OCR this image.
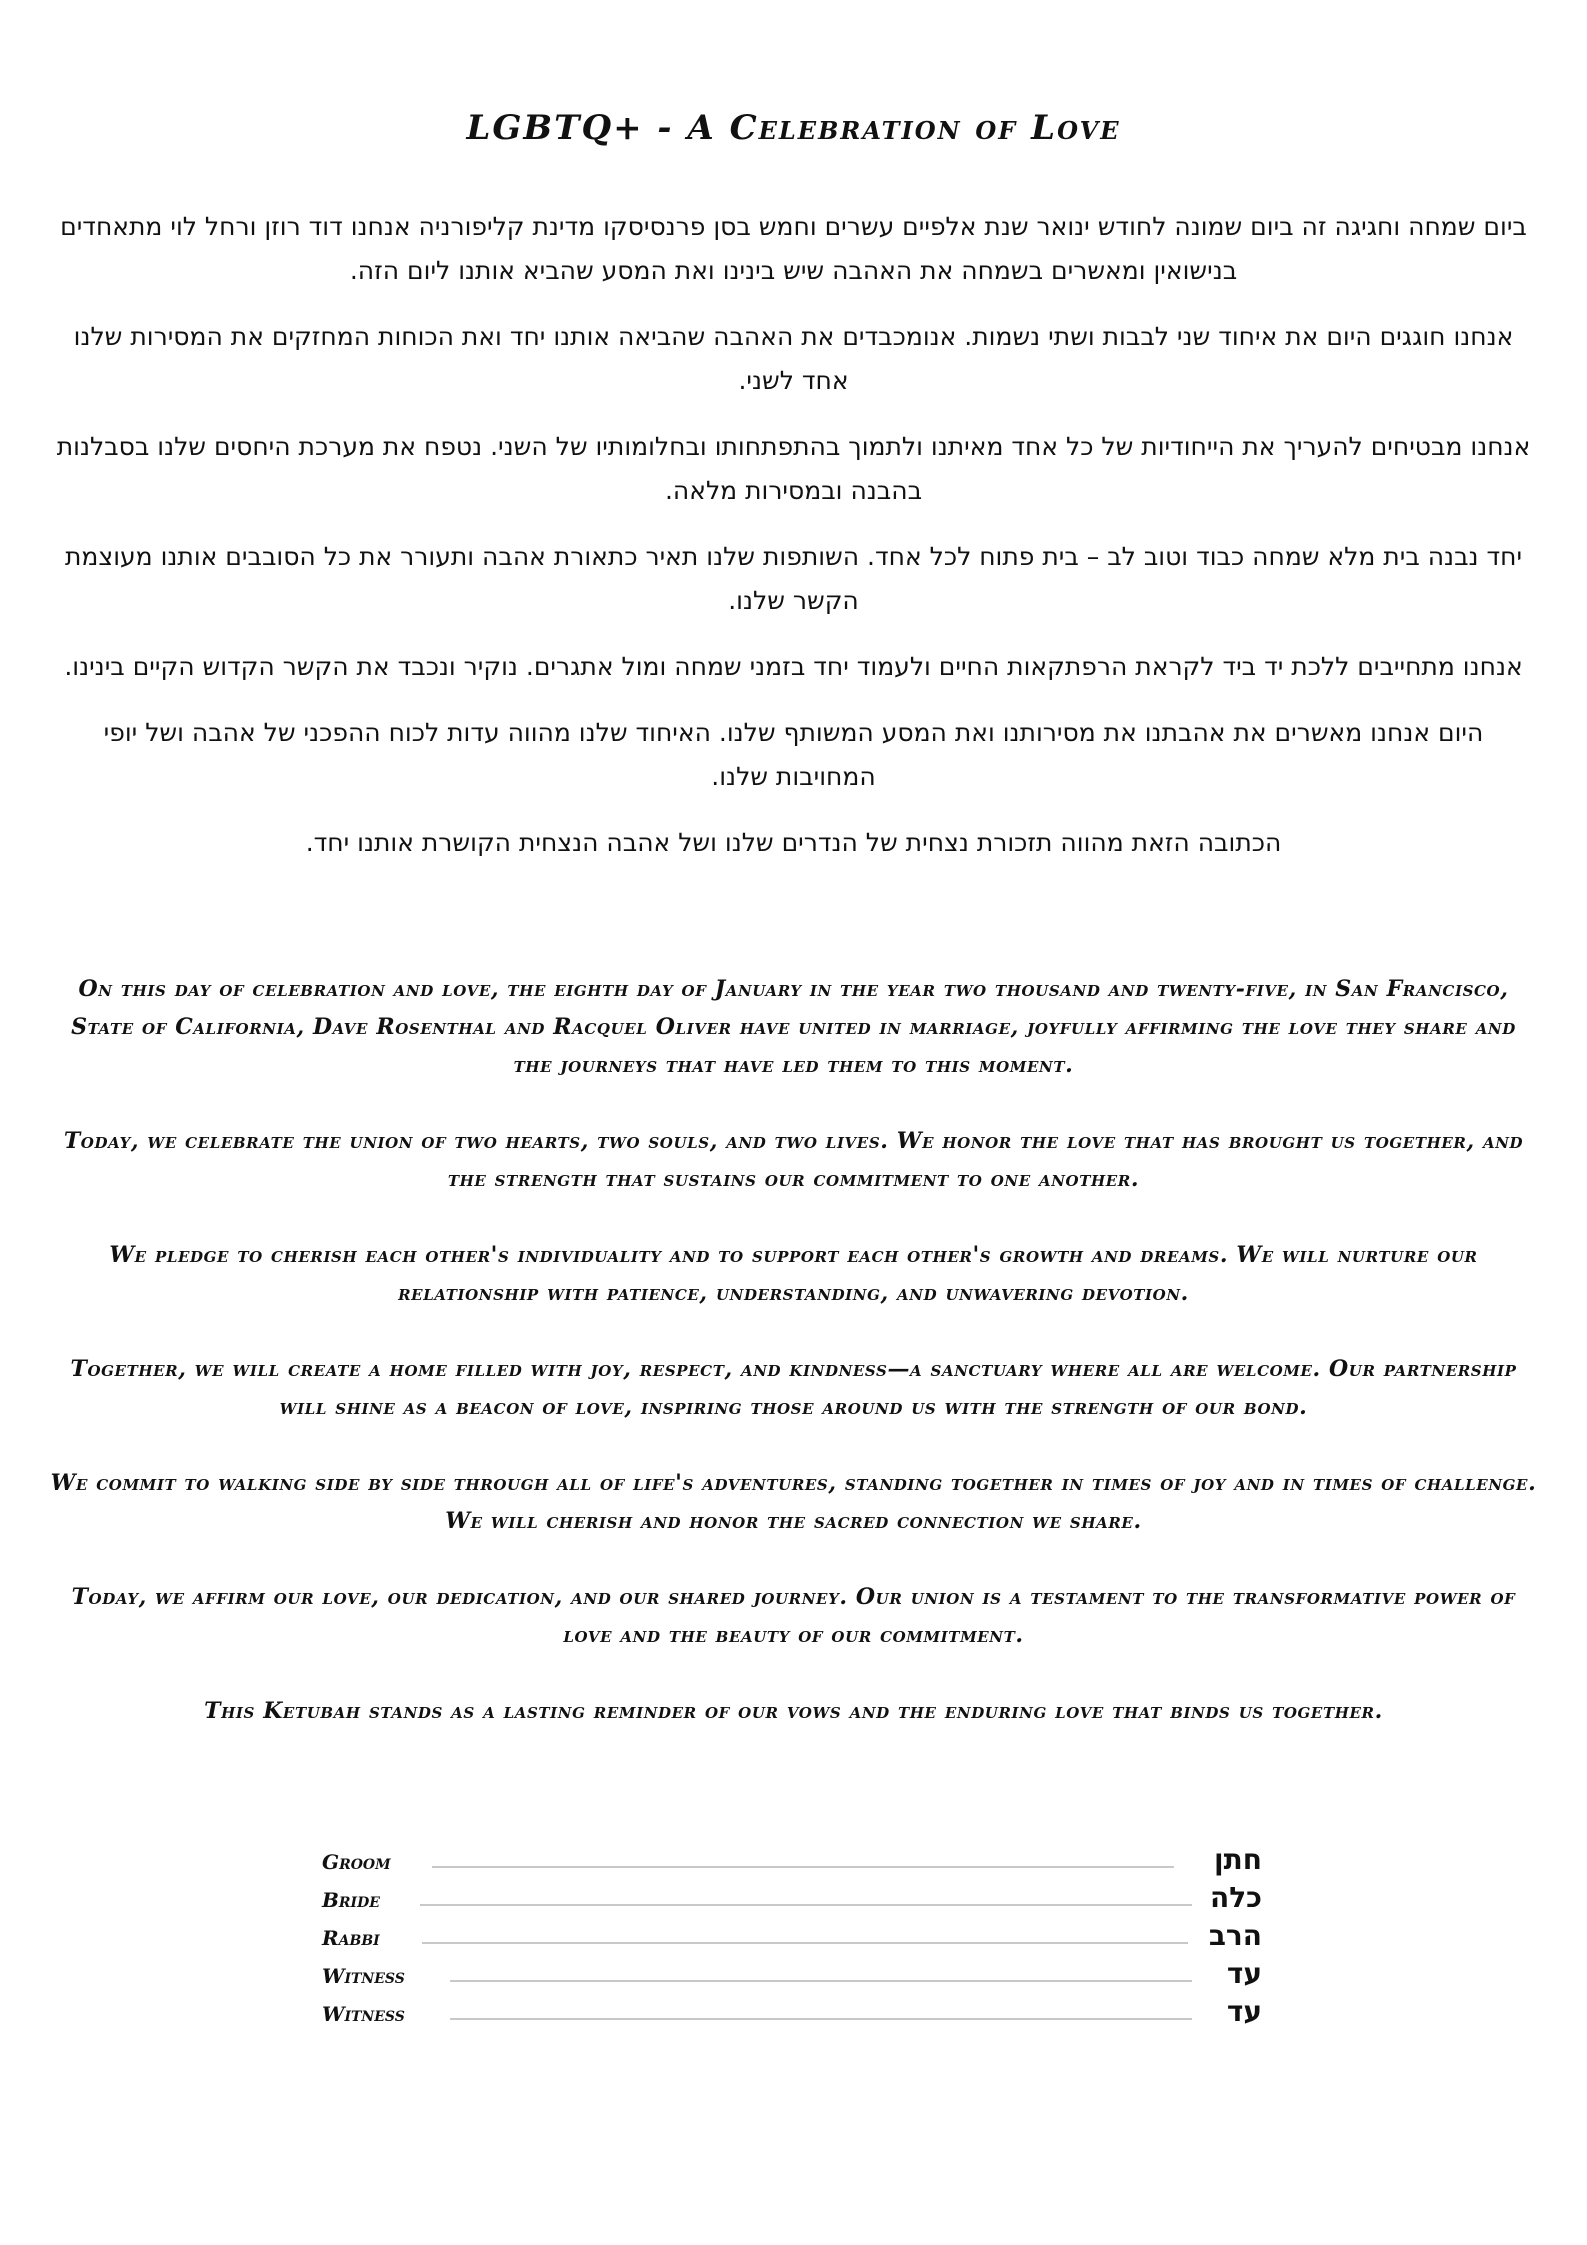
LGBTQ+ - A Celebration of Love

ביום שמחה וחגיגה זה ביום שמונה לחודש ינואר שנת אלפיים עשרים וחמש בסן פרנסיסקו מדינת קליפורניה אנחנו דוד רוזן ורחל לוי מתאחדים בנישואין ומאשרים בשמחה את האהבה שיש בינינו ואת המסע שהביא אותנו ליום הזה.

אנחנו חוגגים היום את איחוד שני לבבות ושתי נשמות. אנומכבדים את האהבה שהביאה אותנו יחד ואת הכוחות המחזקים את המסירות שלנו אחד לשני.

אנחנו מבטיחים להעריך את הייחודיות של כל אחד מאיתנו ולתמוך בהתפתחותו ובחלומותיו של השני. נטפח את מערכת היחסים שלנו בסבלנות בהבנה ובמסירות מלאה.

יחד נבנה בית מלא שמחה כבוד וטוב לב – בית פתוח לכל אחד. השותפות שלנו תאיר כתאורת אהבה ותעורר את כל הסובבים אותנו מעוצמת הקשר שלנו.

אנחנו מתחייבים ללכת יד ביד לקראת הרפתקאות החיים ולעמוד יחד בזמני שמחה ומול אתגרים. נוקיר ונכבד את הקשר הקדוש הקיים בינינו.

היום אנחנו מאשרים את אהבתנו את מסירותנו ואת המסע המשותף שלנו. האיחוד שלנו מהווה עדות לכוח ההפכני של אהבה ושל יופי המחויבות שלנו.

הכתובה הזאת מהווה תזכורת נצחית של הנדרים שלנו ושל אהבה הנצחית הקושרת אותנו יחד.

On this day of celebration and love, the eighth day of January in the year two thousand and twenty-five, in San Francisco, State of California, Dave Rosenthal and Racquel Oliver have united in marriage, joyfully affirming the love they share and the journeys that have led them to this moment.

Today, we celebrate the union of two hearts, two souls, and two lives. We honor the love that has brought us together, and the strength that sustains our commitment to one another.

We pledge to cherish each other's individuality and to support each other's growth and dreams. We will nurture our relationship with patience, understanding, and unwavering devotion.

Together, we will create a home filled with joy, respect, and kindness—a sanctuary where all are welcome. Our partnership will shine as a beacon of love, inspiring those around us with the strength of our bond.

We commit to walking side by side through all of life's adventures, standing together in times of joy and in times of challenge. We will cherish and honor the sacred connection we share.

Today, we affirm our love, our dedication, and our shared journey. Our union is a testament to the transformative power of love and the beauty of our commitment.

This Ketubah stands as a lasting reminder of our vows and the enduring love that binds us together.

Groom	חתן
Bride	כלה
Rabbi	הרב
Witness	עד
Witness	עד
